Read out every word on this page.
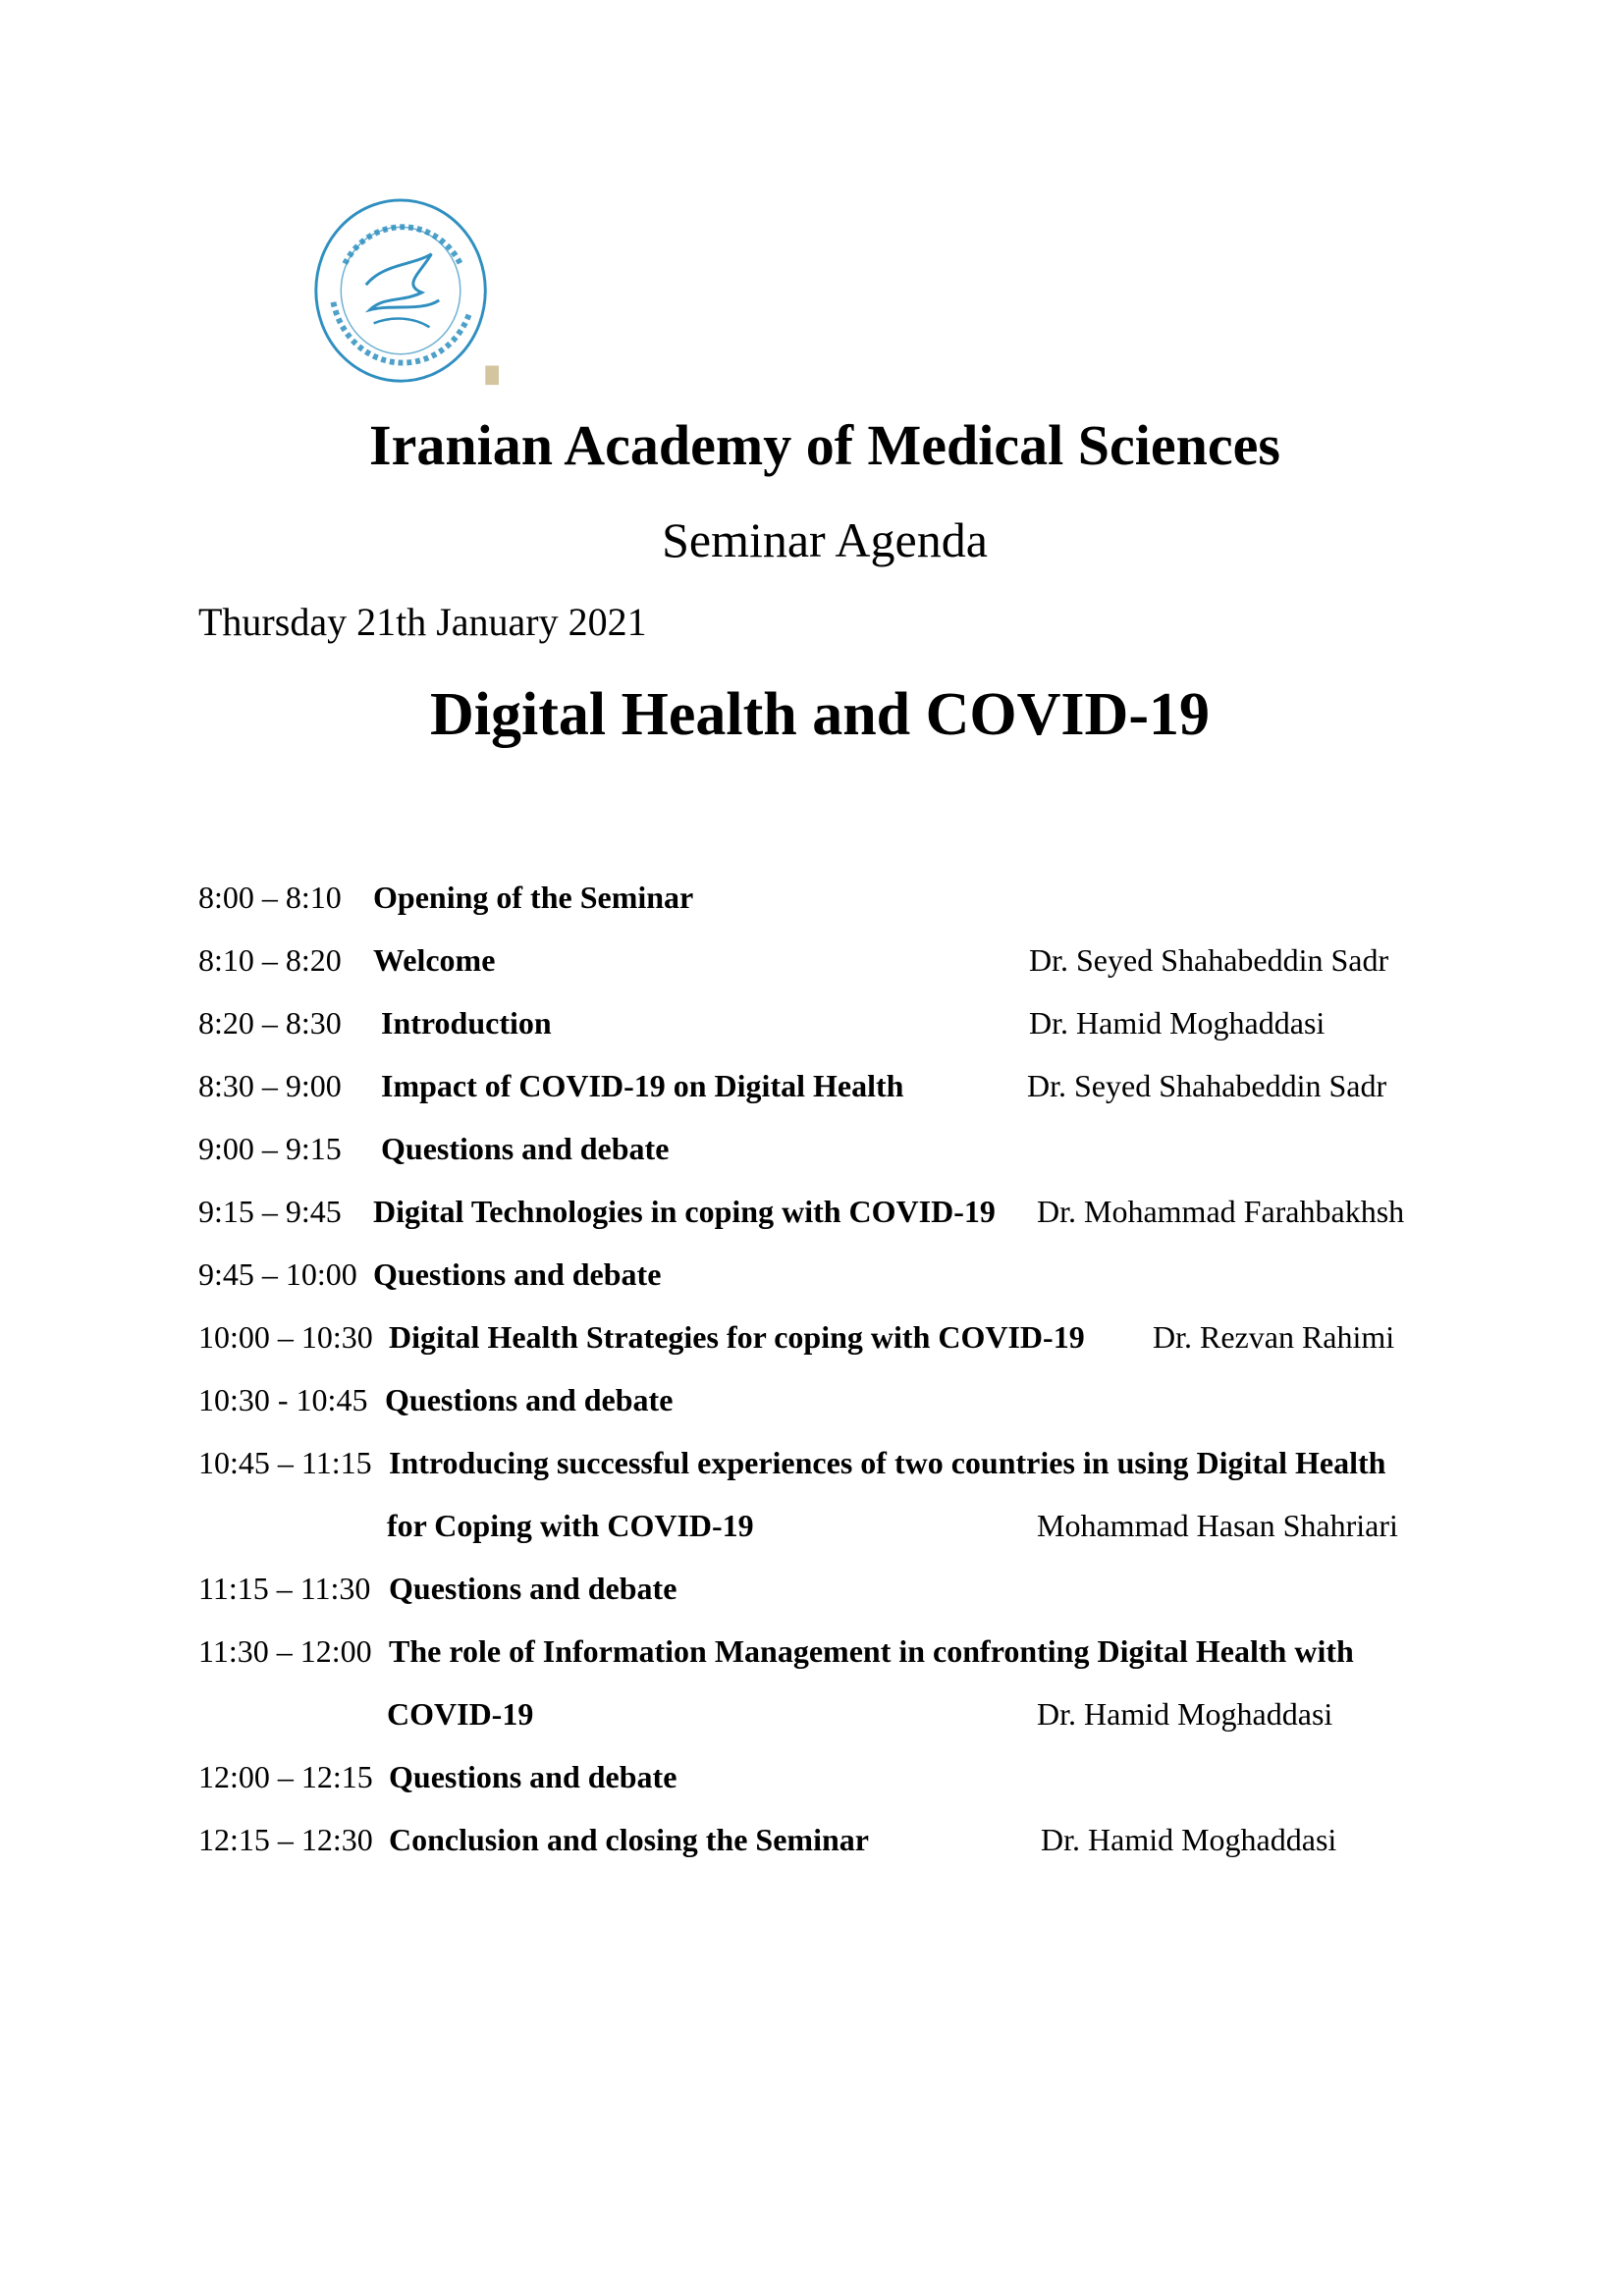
Iranian Academy of Medical Sciences
Seminar Agenda
Thursday 21th January 2021
Digital Health and COVID-19
8:00 – 8:10 Opening of the Seminar
8:10 – 8:20 Welcome	Dr. Seyed Shahabeddin Sadr
8:20 – 8:30 Introduction	Dr. Hamid Moghaddasi
8:30 – 9:00 Impact of COVID-19 on Digital Health	Dr. Seyed Shahabeddin Sadr
9:00 – 9:15 Questions and debate
9:15 – 9:45 Digital Technologies in coping with COVID-19 Dr. Mohammad Farahbakhsh
9:45 – 10:00 Questions and debate
10:00 – 10:30 Digital Health Strategies for coping with COVID-19 Dr. Rezvan Rahimi
10:30 - 10:45 Questions and debate
10:45 – 11:15 Introducing successful experiences of two countries in using Digital Health
for Coping with COVID-19	Mohammad Hasan Shahriari
11:15 – 11:30 Questions and debate
11:30 – 12:00 The role of Information Management in confronting Digital Health with
COVID-19	Dr. Hamid Moghaddasi
12:00 – 12:15 Questions and debate
12:15 – 12:30 Conclusion and closing the Seminar	Dr. Hamid Moghaddasi
